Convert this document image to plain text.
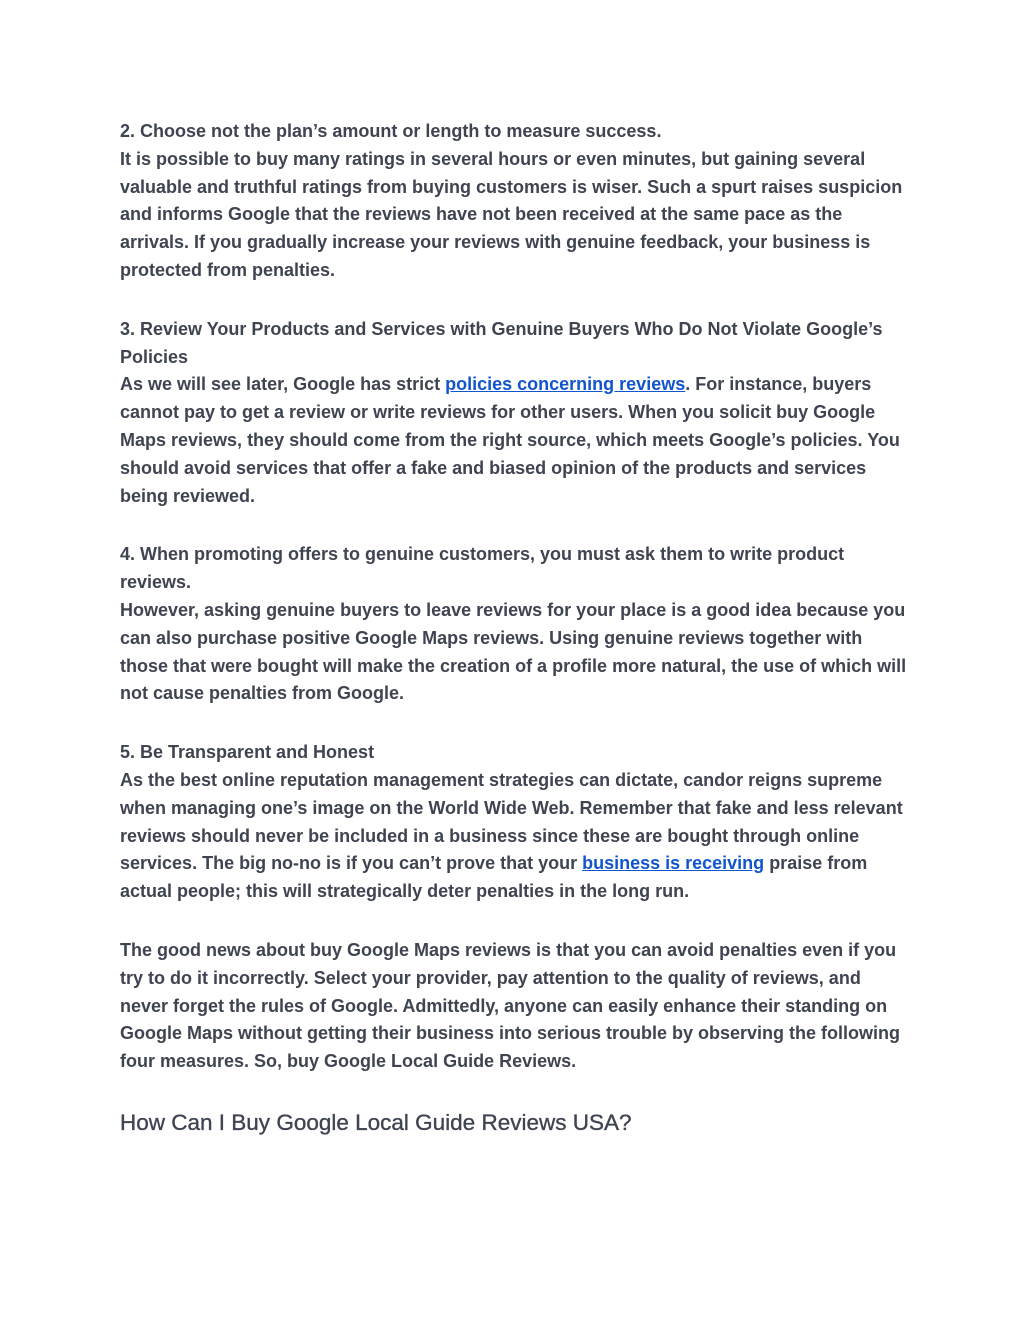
2. Choose not the plan’s amount or length to measure success.

It is possible to buy many ratings in several hours or even minutes, but gaining several valuable and truthful ratings from buying customers is wiser. Such a spurt raises suspicion and informs Google that the reviews have not been received at the same pace as the arrivals. If you gradually increase your reviews with genuine feedback, your business is protected from penalties.

3. Review Your Products and Services with Genuine Buyers Who Do Not Violate Google’s Policies

As we will see later, Google has strict policies concerning reviews. For instance, buyers cannot pay to get a review or write reviews for other users. When you solicit buy Google Maps reviews, they should come from the right source, which meets Google’s policies. You should avoid services that offer a fake and biased opinion of the products and services being reviewed.

4. When promoting offers to genuine customers, you must ask them to write product reviews.

However, asking genuine buyers to leave reviews for your place is a good idea because you can also purchase positive Google Maps reviews. Using genuine reviews together with those that were bought will make the creation of a profile more natural, the use of which will not cause penalties from Google.

5. Be Transparent and Honest

As the best online reputation management strategies can dictate, candor reigns supreme when managing one’s image on the World Wide Web. Remember that fake and less relevant reviews should never be included in a business since these are bought through online services. The big no-no is if you can’t prove that your business is receiving praise from actual people; this will strategically deter penalties in the long run.

The good news about buy Google Maps reviews is that you can avoid penalties even if you try to do it incorrectly. Select your provider, pay attention to the quality of reviews, and never forget the rules of Google. Admittedly, anyone can easily enhance their standing on Google Maps without getting their business into serious trouble by observing the following four measures. So, buy Google Local Guide Reviews.

How Can I Buy Google Local Guide Reviews USA?
